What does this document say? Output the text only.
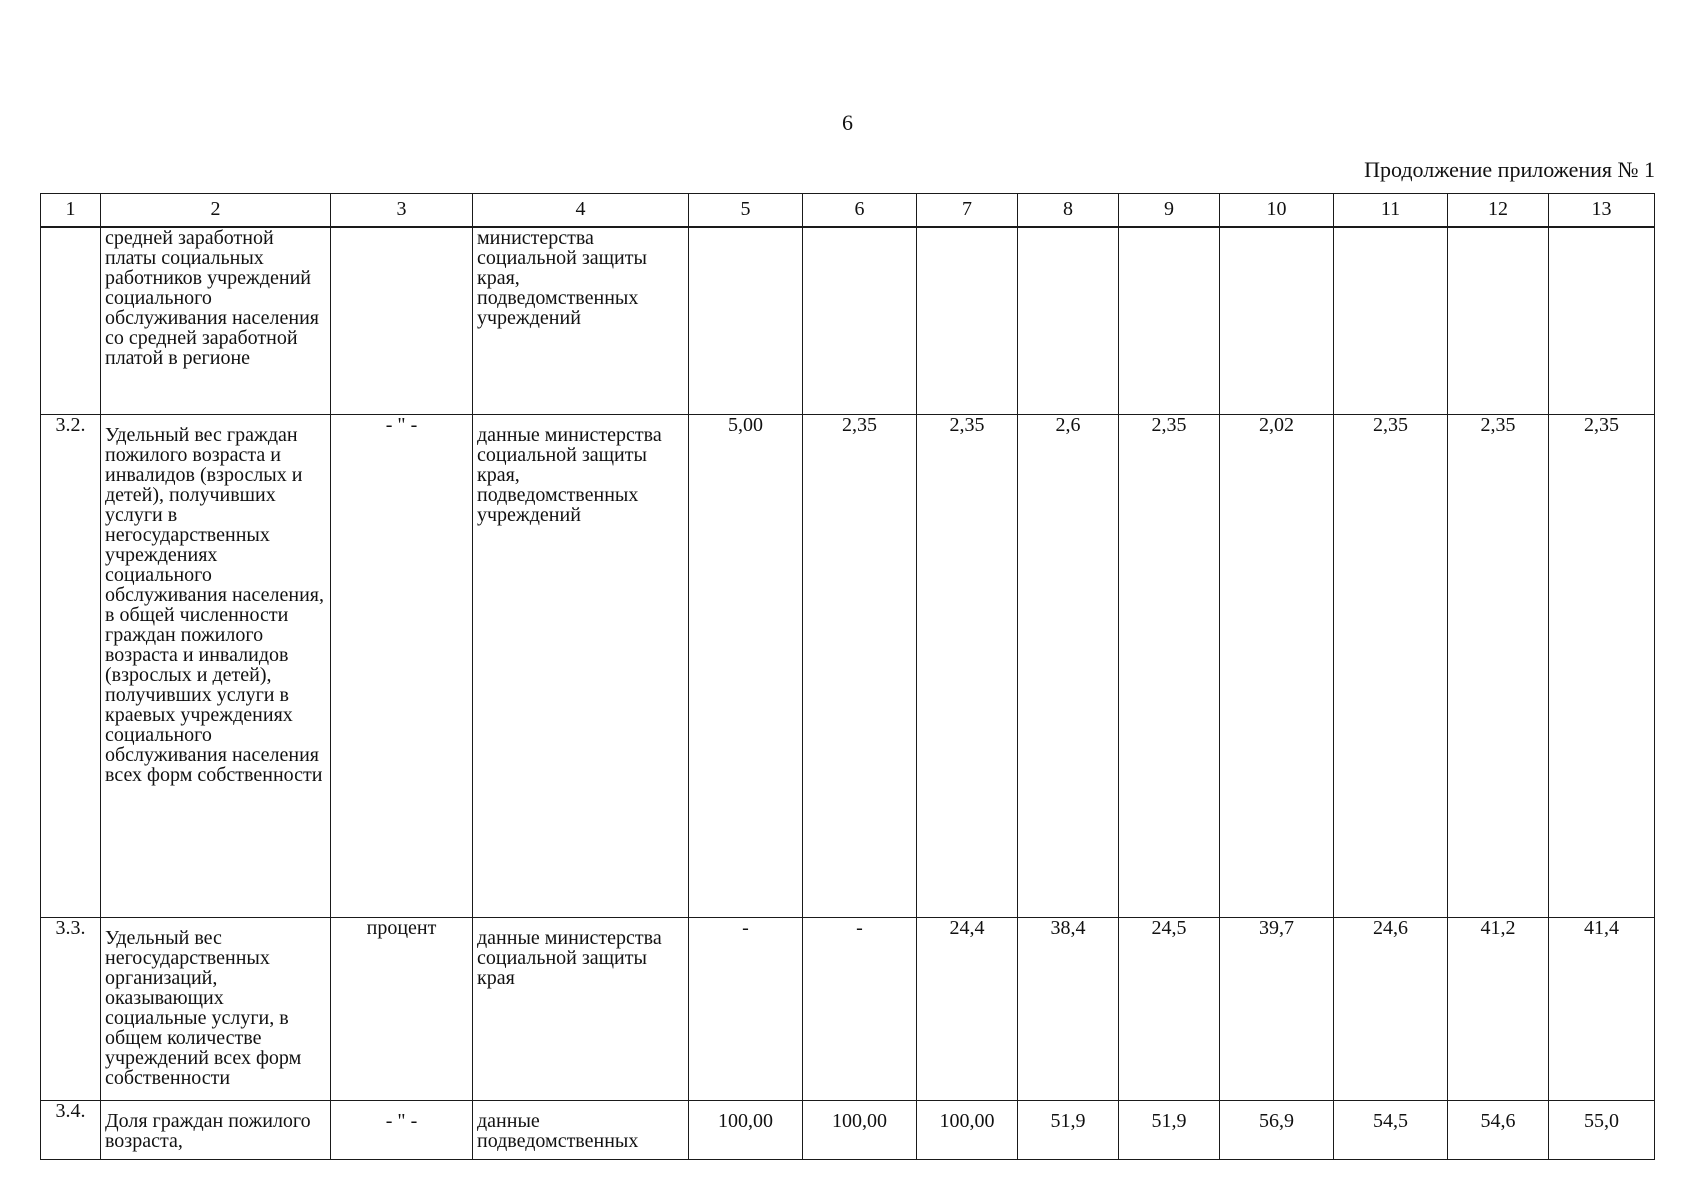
6
Продолжение приложения № 1
1	2	3	4	5	6	7	8	9	10	11	12	13
	средней заработной платы социальных работников учреждений социального обслуживания населения со средней заработной платой в регионе		министерства социальной защиты края, подведомственных учреждений									
3.2.	Удельный вес граждан пожилого возраста и инвалидов (взрослых и детей), получивших услуги в негосударственных учреждениях социального обслуживания населения, в общей численности граждан пожилого возраста и инвалидов (взрослых и детей), получивших услуги в краевых учреждениях социального обслуживания населения всех форм собственности	- " -	данные министерства социальной защиты края, подведомственных учреждений	5,00	2,35	2,35	2,6	2,35	2,02	2,35	2,35	2,35
3.3.	Удельный вес негосударственных организаций, оказывающих социальные услуги, в общем количестве учреждений всех форм собственности	процент	данные министерства социальной защиты края	-	-	24,4	38,4	24,5	39,7	24,6	41,2	41,4
3.4.	Доля граждан пожилого возраста,	- " -	данные подведомственных	100,00	100,00	100,00	51,9	51,9	56,9	54,5	54,6	55,0
